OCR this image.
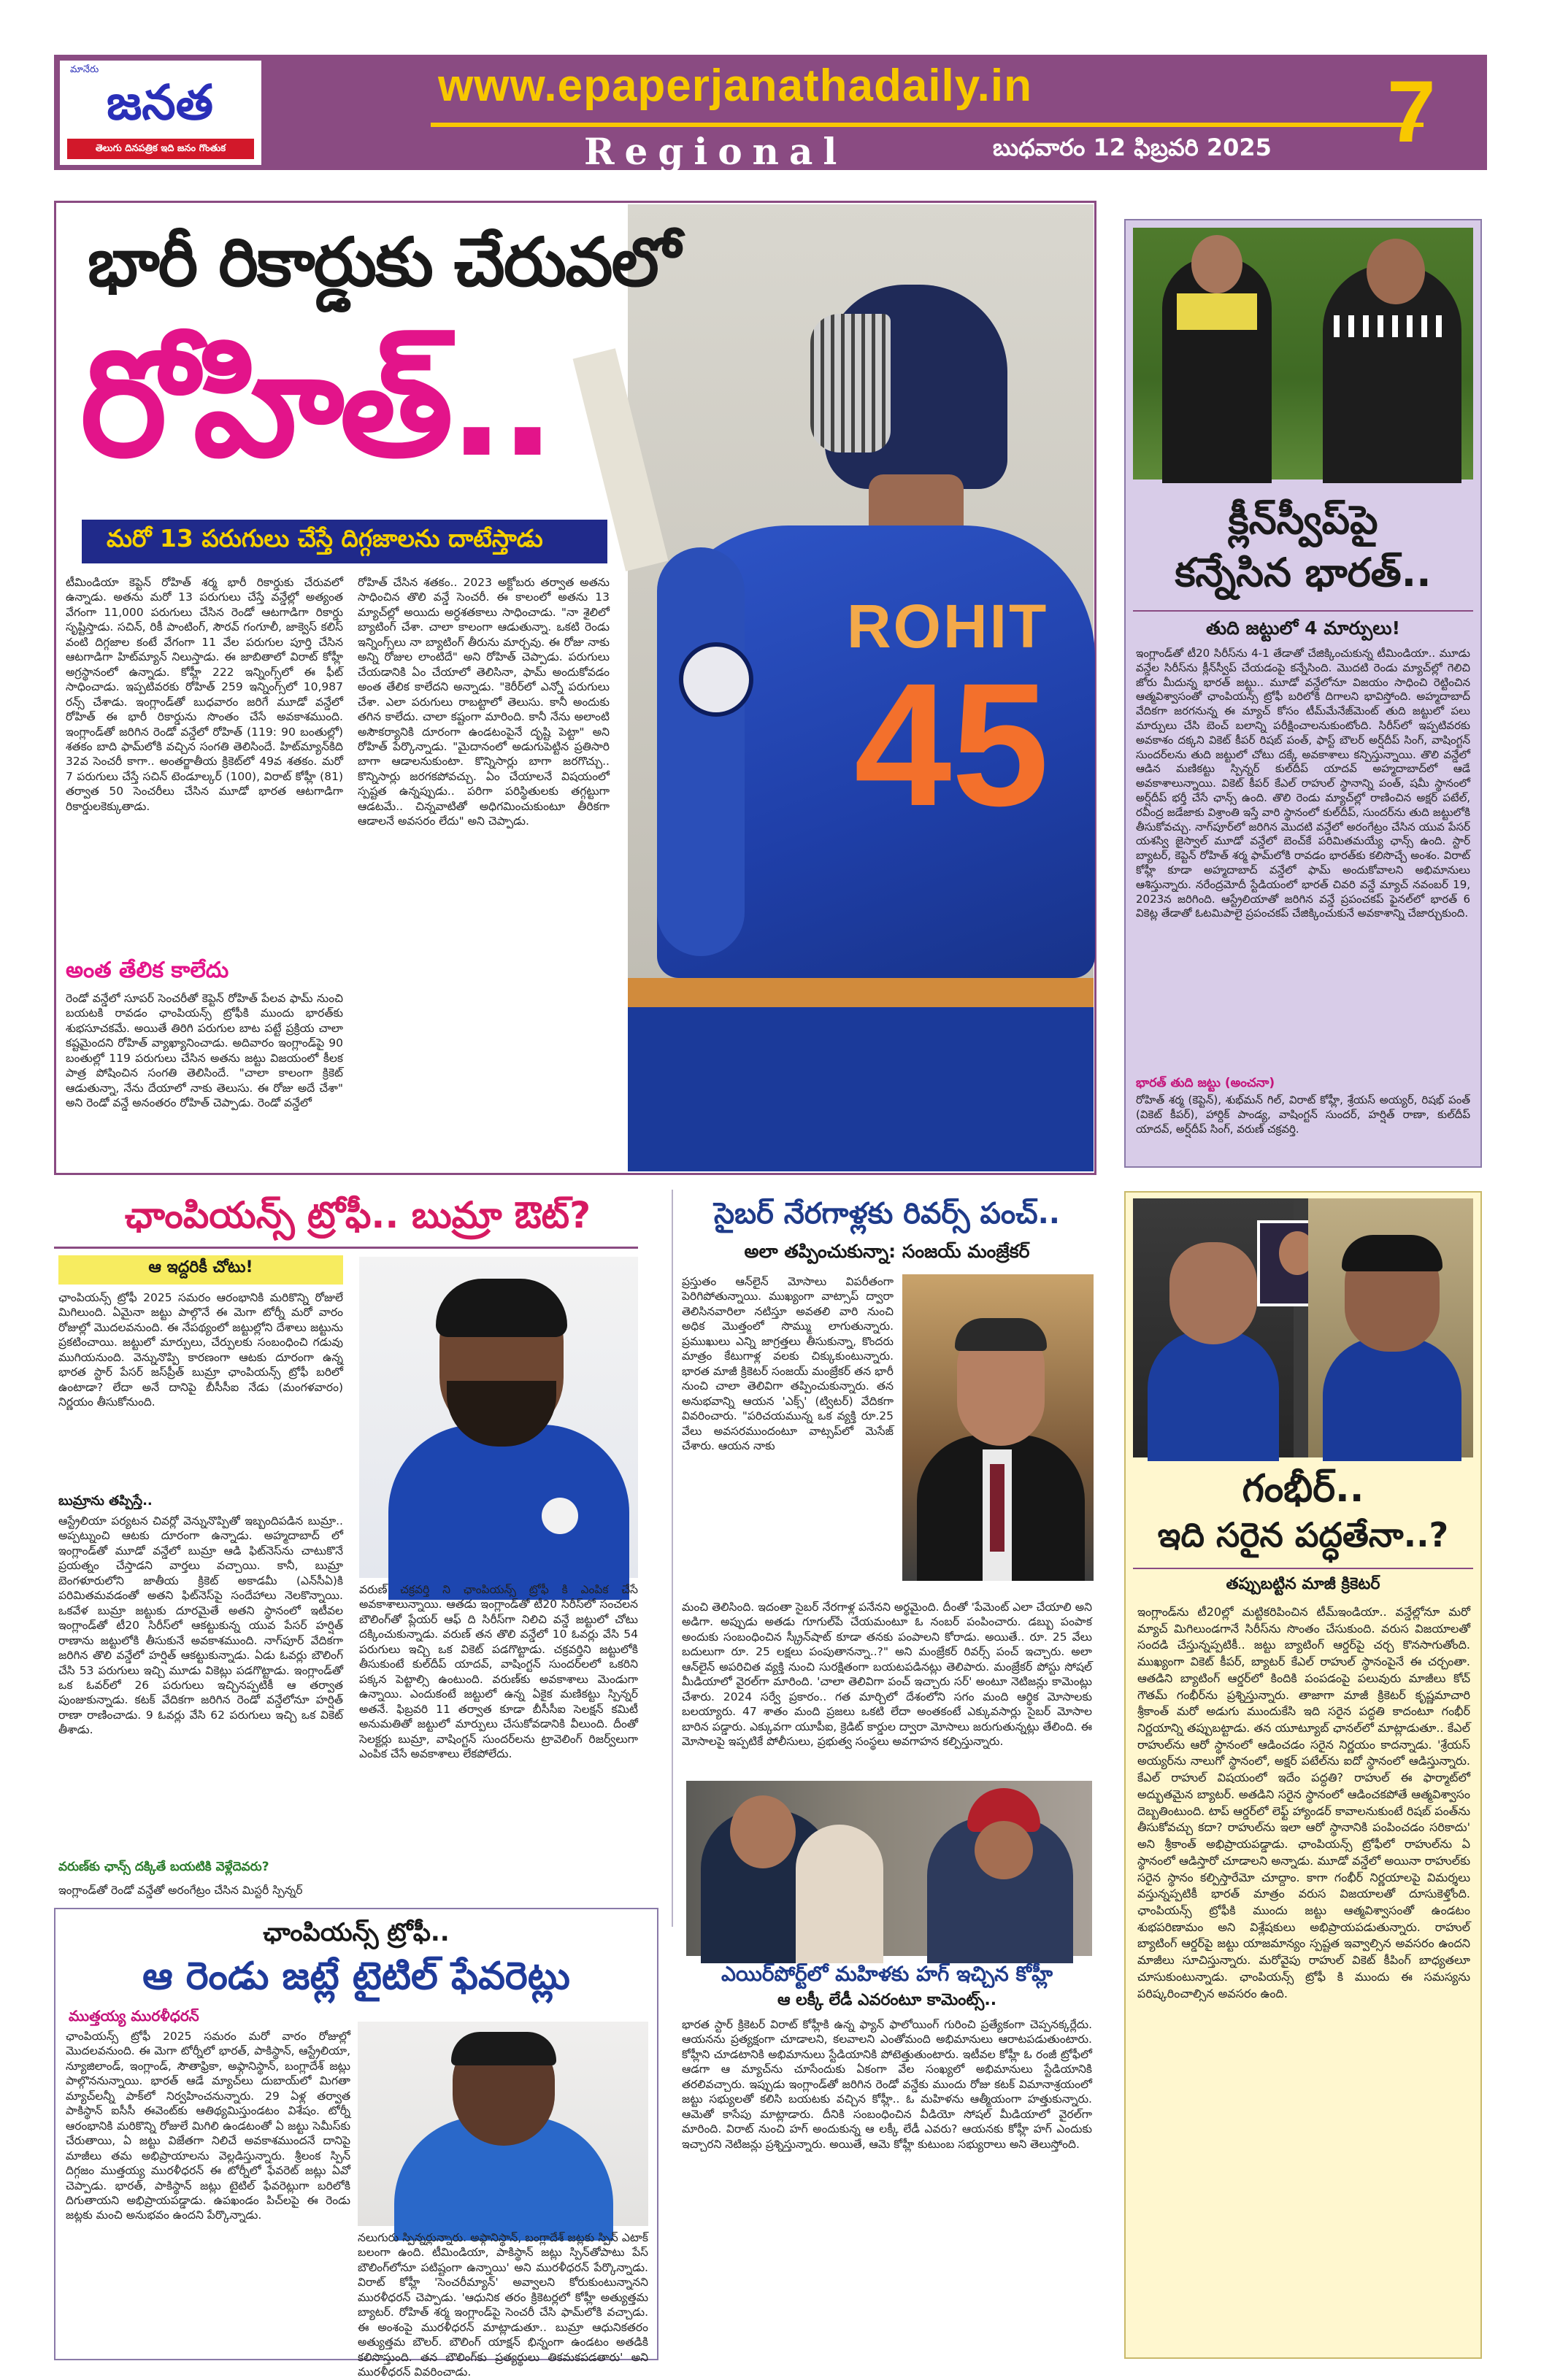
మానేరు
జనత
తెలుగు దినపత్రిక ఇది జనం గొంతుక
www.epaperjanathadaily.in
Regional	బుధవారం 12 ఫిబ్రవరి 2025 7
ROHIT
45
భారీ రికార్డుకు చేరువలో
రోహిత్..
మరో 13 పరుగులు చేస్తే దిగ్గజాలను దాటేస్తాడు
టీమిండియా కెప్టెన్ రోహిత్ శర్మ భారీ రికార్డుకు చేరువలో ఉన్నాడు. అతను మరో 13 పరుగులు చేస్తే వన్డేల్లో అత్యంత వేగంగా 11,000 పరుగులు చేసిన రెండో ఆటగాడిగా రికార్డు సృష్టిస్తాడు. సచిన్, రికీ పాంటింగ్, సౌరవ్ గంగూలీ, జాక్వెస్ కలిస్ వంటి దిగ్గజాల కంటే వేగంగా 11 వేల పరుగుల పూర్తి చేసిన ఆటగాడిగా హిట్‌మ్యాన్ నిలుస్తాడు. ఈ జాబితాలో విరాట్ కోహ్లీ అగ్రస్థానంలో ఉన్నాడు. కోహ్లీ 222 ఇన్నింగ్స్‌లో ఈ ఫీట్ సాధించాడు. ఇప్పటివరకు రోహిత్ 259 ఇన్నింగ్స్‌లో 10,987 రన్స్ చేశాడు. ఇంగ్లాండ్‌తో బుధవారం జరిగే మూడో వన్డేలో రోహిత్ ఈ భారీ రికార్డును సొంతం చేసే అవకాశముంది. ఇంగ్లాండ్‌తో జరిగిన రెండో వన్డేలో రోహిత్ (119: 90 బంతుల్లో) శతకం బాది ఫామ్‌లోకి వచ్చిన సంగతి తెలిసిందే. హిట్‌మ్యాన్‌కిది 32వ సెంచరీ కాగా.. అంతర్జాతీయ క్రికెట్‌లో 49వ శతకం. మరో 7 పరుగులు చేస్తే సచిన్ టెండూల్కర్ (100), విరాట్ కోహ్లీ (81) తర్వాత 50 సెంచరీలు చేసిన మూడో భారత ఆటగాడిగా రికార్డులకెక్కుతాడు.
అంత తేలిక కాలేదు
రెండో వన్డేలో సూపర్ సెంచరీతో కెప్టెన్ రోహిత్ పేలవ ఫామ్ నుంచి బయటకి రావడం ఛాంపియన్స్ ట్రోఫీకి ముందు భారత్‌కు శుభసూచకమే. అయితే తిరిగి పరుగుల బాట పట్టే ప్రక్రియ చాలా కష్టమైందని రోహిత్ వ్యాఖ్యానించాడు. అదివారం ఇంగ్లాండ్‌పై 90 బంతుల్లో 119 పరుగులు చేసిన అతను జట్టు విజయంలో కీలక పాత్ర పోషించిన సంగతి తెలిసిందే. "చాలా కాలంగా క్రికెట్ ఆడుతున్నా, నేను దేయాలో నాకు తెలుసు. ఈ రోజు అదే చేశా" అని రెండో వన్డే అనంతరం రోహిత్ చెప్పాడు. రెండో వన్డేలో
రోహిత్ చేసిన శతకం.. 2023 అక్టోబరు తర్వాత అతను సాధించిన తొలి వన్డే సెంచరీ. ఈ కాలంలో అతను 13 మ్యాచ్‌ల్లో అయిదు అర్ధశతకాలు సాధించాడు. "నా శైలిలో బ్యాటింగ్ చేశా. చాలా కాలంగా ఆడుతున్నా. ఒకటి రెండు ఇన్నింగ్స్‌లు నా బ్యాటింగ్ తీరును మార్చవు. ఈ రోజు నాకు అన్ని రోజుల లాంటిదే" అని రోహిత్ చెప్పాడు. పరుగులు చేయడానికి ఏం చేయాలో తెలిసినా, ఫామ్‌ అందుకోవడం అంత తేలిక కాలేదని అన్నాడు. "కెరీర్‌లో ఎన్నో పరుగులు చేశా. ఎలా పరుగులు రాబట్టాలో తెలుసు. కానీ అందుకు తగిన కాలేదు. చాలా కష్టంగా మారింది. కానీ నేను అలాంటి అసౌకర్యానికి దూరంగా ఉండటంపైనే దృష్టి పెట్టా" అని రోహిత్ పేర్కొన్నాడు. "మైదానంలో అడుగుపెట్టిన ప్రతిసారి బాగా ఆడాలనుకుంటా. కొన్నిసార్లు బాగా జరగొచ్చు.. కొన్నిసార్లు జరగకపోవచ్చు. ఏం చేయాలనే విషయంలో స్పష్టత ఉన్నప్పుడు.. పరిగా పరిస్థితులకు తగ్గట్టుగా ఆడటమే.. చిన్నవాటితో అధిగమించుకుంటూ తీరికగా ఆడాలనే అవసరం లేదు" అని చెప్పాడు.
క్లీన్‌స్వీప్‌పై
కన్నేసిన భారత్..
తుది జట్టులో 4 మార్పులు!
ఇంగ్లాండ్‌తో టీ20 సిరీస్‌ను 4-1 తేడాతో చేజిక్కించుకున్న టీమిండియా.. మూడు వన్డేల సిరీస్‌ను క్లీన్‌స్వీప్ చేయడంపై కన్నేసింది. మొదటి రెండు మ్యాచ్‌ల్లో గెలిచి జోరు మీదున్న భారత్ జట్టు.. మూడో వన్డేలోనూ విజయం సాధించి రెట్టించిన ఆత్మవిశ్వాసంతో ఛాంపియన్స్ ట్రోఫీ బరిలోకి దిగాలని భావిస్తోంది. అహ్మదాబాద్ వేదికగా జరగనున్న ఈ మ్యాచ్ కోసం టీమ్‌మేనేజ్‌మెంట్ తుది జట్టులో పలు మార్పులు చేసి బెంచ్ బలాన్ని పరీక్షించాలనుకుంటోంది. సిరీస్‌లో ఇప్పటివరకు అవకాశం దక్కని వికెట్ కీపర్ రిషబ్ పంత్, ఫాస్ట్ బౌలర్ అర్ష్‌దీప్ సింగ్, వాషింగ్టన్ సుందర్‌లను తుది జట్టులో చోటు దక్కే అవకాశాలు కన్పిస్తున్నాయి. తొలి వన్డేలో ఆడిన మణికట్టు స్పిన్నర్ కుల్‌దీప్ యాదవ్ అహ్మదాబాద్‌లో ఆడే అవకాశాలున్నాయి. వికెట్ కీపర్ కేఎల్ రాహుల్ స్థానాన్ని పంత్, షమీ స్థానంలో అర్ష్‌దీప్ భర్తీ చేసే ఛాన్స్ ఉంది. తొలి రెండు మ్యాచ్‌ల్లో రాణించిన అక్షర్ పటేల్, రవీంద్ర జడేజాకు విశ్రాంతి ఇస్తే వారి స్థానంలో కుల్‌దీప్, సుందర్‌ను తుది జట్టులోకి తీసుకోవచ్చు. నాగ్‌పూర్‌లో జరిగిన మొదటి వన్డేలో అరంగేట్రం చేసిన యువ పేసర్ యశస్వి జైస్వాల్ మూడో వన్డేలో బెంచ్‌కే పరిమితమయ్యే ఛాన్స్ ఉంది. స్టార్ బ్యాటర్, కెప్టెన్ రోహిత్ శర్మ ఫామ్‌లోకి రావడం భారత్‌కు కలిసొచ్చే అంశం. విరాట్ కోహ్లీ కూడా అహ్మదాబాద్ వన్డేలో ఫామ్ అందుకోవాలని అభిమానులు ఆశిస్తున్నారు. నరేంద్రమోదీ స్టేడియంలో భారత్ చివరి వన్డే మ్యాచ్ నవంబర్ 19, 2023న జరిగింది. ఆస్ట్రేలియాతో జరిగిన వన్డే ప్రపంచకప్ ఫైనల్‌లో భారత్ 6 వికెట్ల తేడాతో ఓటమిపాలై ప్రపంచకప్ చేజిక్కించుకునే అవకాశాన్ని చేజార్చుకుంది.
భారత్ తుది జట్టు (అంచనా)
రోహిత్ శర్మ (కెప్టెన్), శుభ్‌మన్ గిల్, విరాట్ కోహ్లీ, శ్రేయస్ అయ్యర్, రిషభ్ పంత్ (వికెట్ కీపర్), హార్దిక్ పాండ్య, వాషింగ్టన్ సుందర్, హర్షిత్ రాణా, కుల్‌దీప్ యాదవ్, అర్ష్‌దీప్ సింగ్, వరుణ్ చక్రవర్తి.
ఛాంపియన్స్ ట్రోఫీ.. బుమ్రా ఔట్?
ఆ ఇద్దరికీ చోటు!
ఛాంపియన్స్ ట్రోఫీ 2025 సమరం ఆరంభానికి మరికొన్ని రోజులే మిగిలుంది. ఏమైనా జట్టు పాల్గొనే ఈ మెగా టోర్నీ మరో వారం రోజుల్లో మొదలవనుంది. ఈ నేపథ్యంలో జట్టుల్లోని దేశాలు జట్టును ప్రకటించాయి. జట్టులో మార్పులు, చేర్పులకు సంబంధించి గడువు ముగియనుంది. వెన్నునొప్పి కారణంగా ఆటకు దూరంగా ఉన్న భారత స్టార్ పేసర్ జస్‌ప్రీత్ బుమ్రా ఛాంపియన్స్ ట్రోఫీ బరిలో ఉంటాడా? లేదా అనే దానిపై బీసీసీఐ నేడు (మంగళవారం) నిర్ణయం తీసుకోనుంది.
బుమ్రాను తప్పిస్తే..
ఆస్ట్రేలియా పర్యటన చివర్లో వెన్నునొప్పితో ఇబ్బందిపడిన బుమ్రా.. అప్పట్నుంచి ఆటకు దూరంగా ఉన్నాడు. అహ్మదాబాద్ లో ఇంగ్లాండ్‌తో మూడో వన్డేలో బుమ్రా ఆడి ఫిట్‌నెస్‌ను చాటుకొనే ప్రయత్నం చేస్తాడని వార్తలు వచ్చాయి. కానీ, బుమ్రా బెంగళూరులోని జాతీయ క్రికెట్ అకాడమీ (ఎన్‌సీఏ)కి పరిమితమవడంతో అతని ఫిట్‌నెస్‌పై సందేహాలు నెలకొన్నాయి. ఒకవేళ బుమ్రా జట్టుకు దూరమైతే అతని స్థానంలో ఇటీవల ఇంగ్లాండ్‌తో టీ20 సిరీస్‌లో ఆకట్టుకున్న యువ పేసర్ హర్షిత్ రాణాను జట్టులోకి తీసుకునే అవకాశముంది. నాగ్‌పూర్ వేదికగా జరిగిన తొలి వన్డేలో హర్షిత్ ఆకట్టుకున్నాడు. ఏడు ఓవర్లు బౌలింగ్ చేసి 53 పరుగులు ఇచ్చి మూడు వికెట్లు పడగొట్టాడు. ఇంగ్లాండ్‌తో ఒక ఓవర్‌లో 26 పరుగులు ఇచ్చినప్పటికీ ఆ తర్వాత పుంజుకున్నాడు. కటక్ వేదికగా జరిగిన రెండో వన్డేలోనూ హర్షిత్ రాణా రాణించాడు. 9 ఓవర్లు వేసి 62 పరుగులు ఇచ్చి ఒక వికెట్ తీశాడు.
వరుణ్‌కు ఛాన్స్ దక్కితే బయటికి వెళ్లేదెవరు?
ఇంగ్లాండ్‌తో రెండో వన్డేతో అరంగేట్రం చేసిన మిస్టరీ స్పిన్నర్
వరుణ్ చక్రవర్తి ని ఛాంపియన్స్ ట్రోఫీ కి ఎంపిక చేసే అవకాశాలున్నాయి. ఆతడు ఇంగ్లాండ్‌తో టీ20 సిరీస్‌లో సంచలన బౌలింగ్‌తో ప్లేయర్ ఆఫ్ ది సిరీస్‌గా నిలిచి వన్డే జట్టులో చోటు దక్కించుకున్నాడు. వరుణ్ తన తొలి వన్డేలో 10 ఓవర్లు వేసి 54 పరుగులు ఇచ్చి ఒక వికెట్ పడగొట్టాడు. చక్రవర్తిని జట్టులోకి తీసుకుంటే కుల్‌దీప్ యాదవ్, వాషింగ్టన్ సుందర్‌లలో ఒకరిని పక్కన పెట్టాల్సి ఉంటుంది. వరుణ్‌కు అవకాశాలు మెండుగా ఉన్నాయి. ఎందుకంటే జట్టులో ఉన్న ఏకైక మణికట్టు స్పిన్నర్ అతనే. ఫిబ్రవరి 11 తర్వాత కూడా బీసీసీఐ సెలక్షన్ కమిటీ అనుమతితో జట్టులో మార్పులు చేసుకోవడానికి వీలుంది. దీంతో సెలక్టర్లు బుమ్రా, వాషింగ్టన్ సుందర్‌లను ట్రావెలింగ్ రిజర్వ్‌లుగా ఎంపిక చేసే అవకాశాలు లేకపోలేదు.
సైబర్ నేరగాళ్లకు రివర్స్ పంచ్..
అలా తప్పించుకున్నా: సంజయ్ మంజ్రేకర్
ప్రస్తుతం ఆన్‌లైన్ మోసాలు విపరీతంగా పెరిగిపోతున్నాయి. ముఖ్యంగా వాట్సాప్ ద్వారా తెలిసినవారిలా నటిస్తూ అవతలి వారి నుంచి అధిక మొత్తంలో సొమ్ము లాగుతున్నారు. ప్రముఖులు ఎన్ని జాగ్రత్తలు తీసుకున్నా, కొందరు మాత్రం కేటుగాళ్ల వలకు చిక్కుకుంటున్నారు. భారత మాజీ క్రికెటర్ సంజయ్ మంజ్రేకర్ తన భారీ నుంచి చాలా తెలివిగా తప్పించుకున్నారు. తన అనుభవాన్ని ఆయన 'ఎక్స్' (ట్విటర్) వేదికగా వివరించారు. "పరిచయమున్న ఒక వ్యక్తి రూ.25 వేలు అవసరముందంటూ వాట్సప్‌లో మెసేజ్ చేశారు. ఆయన నాకు
మంచి తెలిసింది. ఇదంతా సైబర్ నేరగాళ్ల పనేనని అర్థమైంది. దీంతో 'పేమెంట్ ఎలా చేయాలి అని అడిగా. అప్పుడు అతడు గూగుల్‌పే చేయమంటూ ఓ నంబర్ పంపించారు. డబ్బు పంపాక అందుకు సంబంధించిన స్క్రీన్‌షాట్ కూడా తనకు పంపాలని కోరాడు. అయితే.. రూ. 25 వేలు బదులుగా రూ. 25 లక్షలు పంపుతానన్నా..?" అని మంజ్రేకర్ రివర్స్ పంచ్ ఇచ్చారు. అలా ఆన్‌లైన్ అపరిచిత వ్యక్తి నుంచి సురక్షితంగా బయటపడినట్లు తెలిపారు. మంజ్రేకర్ పోస్టు సోషల్ మీడియాలో వైరల్‌గా మారింది. 'చాలా తెలివిగా పంచ్ ఇచ్చారు సర్' అంటూ నెటిజన్లు కామెంట్లు చేశారు. 2024 సర్వే ప్రకారం.. గత మార్చిలో దేశంలోని సగం మంది ఆర్థిక మోసాలకు బలయ్యారు. 47 శాతం మంది ప్రజలు ఒకటి లేదా అంతకంటే ఎక్కువసార్లు సైబర్ మోసాల బారిన పడ్డారు. ఎక్కువగా యూపీఐ, క్రెడిట్ కార్డుల ద్వారా మోసాలు జరుగుతున్నట్లు తేలింది. ఈ మోసాలపై ఇప్పటికే పోలీసులు, ప్రభుత్వ సంస్థలు అవగాహన కల్పిస్తున్నారు.
ఎయిర్‌పోర్ట్‌లో మహిళకు హగ్ ఇచ్చిన కోహ్లీ
ఆ లక్కీ లేడీ ఎవరంటూ కామెంట్స్..
భారత స్టార్ క్రికెటర్ విరాట్ కోహ్లీకి ఉన్న ఫ్యాన్ ఫాలోయింగ్ గురించి ప్రత్యేకంగా చెప్పనక్కర్లేదు. ఆయనను ప్రత్యక్షంగా చూడాలని, కలవాలని ఎంతోమంది అభిమానులు ఆరాటపడుతుంటారు. కోహ్లీని చూడటానికి అభిమానులు స్టేడియానికి పోటెత్తుతుంటారు. ఇటీవల కోహ్లీ ఓ రంజీ ట్రోఫీలో ఆడగా ఆ మ్యాచ్‌ను చూసేందుకు ఏకంగా వేల సంఖ్యలో అభిమానులు స్టేడియానికి తరలివచ్చారు. ఇప్పుడు ఇంగ్లాండ్‌తో జరిగిన రెండో వన్డేకు ముందు రోజు కటక్ విమానాశ్రయంలో జట్టు సభ్యులతో కలిసి బయటకు వచ్చిన కోహ్లీ.. ఓ మహిళను ఆత్మీయంగా హత్తుకున్నారు. ఆమెతో కాసేపు మాట్లాడారు. దీనికి సంబంధించిన వీడియో సోషల్ మీడియాలో వైరల్‌గా మారింది. విరాట్ నుంచి హగ్ అందుకున్న ఆ లక్కీ లేడీ ఎవరు? ఆయనకు కోహ్లీ హగ్ ఎందుకు ఇచ్చారని నెటిజన్లు ప్రశ్నిస్తున్నారు. అయితే, ఆమె కోహ్లీ కుటుంబ సభ్యురాలు అని తెలుస్తోంది.
ఛాంపియన్స్ ట్రోఫీ..
ఆ రెండు జట్లే టైటిల్ ఫేవరెట్లు
ముత్తయ్య మురళీధరన్
ఛాంపియన్స్ ట్రోఫీ 2025 సమరం మరో వారం రోజుల్లో మొదలవనుంది. ఈ మెగా టోర్నీలో భారత్, పాకిస్థాన్, ఆస్ట్రేలియా, న్యూజిలాండ్, ఇంగ్లాండ్, సౌతాఫ్రికా, అఫ్గానిస్థాన్, బంగ్లాదేశ్ జట్లు పాల్గొననున్నాయి. భారత్ ఆడే మ్యాచ్‌లు దుబాయ్‌లో మిగతా మ్యాచ్‌లన్నీ పాక్‌లో నిర్వహించనున్నారు. 29 ఏళ్ల తర్వాత పాకిస్థాన్ ఐసీసీ ఈవెంట్‌కు ఆతిథ్యమిస్తుండటం విశేషం. టోర్నీ ఆరంభానికి మరికొన్ని రోజులే మిగిలి ఉండటంతో ఏ జట్టు సెమీస్‌కు చేరుతాయి, ఏ జట్టు విజేతగా నిలిచే అవకాశముందనే దానిపై మాజీలు తమ అభిప్రాయాలను వెల్లడిస్తున్నారు. శ్రీలంక స్పిన్ దిగ్గజం ముత్తయ్య మురళీధరన్ ఈ టోర్నీలో ఫేవరెట్ జట్లు ఏవో చెప్పాడు. భారత్, పాకిస్థాన్ జట్లు టైటిల్ ఫేవరెట్లుగా బరిలోకి దిగుతాయని అభిప్రాయపడ్డాడు. ఉపఖండం పిచ్‌లపై ఈ రెండు జట్లకు మంచి అనుభవం ఉందని పేర్కొన్నాడు.
నలుగురు స్పిన్నర్లున్నారు. అఫ్గానిస్థాన్, బంగ్లాదేశ్ జట్లకు స్పిన్ ఎటాక్ బలంగా ఉంది. టీమిండియా, పాకిస్థాన్ జట్లు స్పిన్‌తోపాటు పేస్ బౌలింగ్‌లోనూ పటిష్టంగా ఉన్నాయి' అని మురళీధరన్ పేర్కొన్నాడు. విరాట్ కోహ్లీ 'సెంచరీమ్యాన్' అవ్వాలని కోరుకుంటున్నానని మురళీధరన్ చెప్పాడు. 'ఆధునిక తరం క్రికెటర్లలో కోహ్లీ అత్యుత్తమ బ్యాటర్. రోహిత్ శర్మ ఇంగ్లాండ్‌పై సెంచరీ చేసి ఫామ్‌లోకి వచ్చాడు. ఈ అంశంపై మురళీధరన్ మాట్లాడుతూ.. బుమ్రా ఆధునికతరం అత్యుత్తమ బౌలర్. బౌలింగ్ యాక్షన్ భిన్నంగా ఉండటం అతడికి కలిసొస్తుంది. తన బౌలింగ్‌కు ప్రత్యర్థులు తికమకపడతారు' అని మురళీధరన్ వివరించాడు.
గంభీర్..
ఇది సరైన పద్ధతేనా..?
తప్పుబట్టిన మాజీ క్రికెటర్
ఇంగ్లాండ్‌ను టీ20ల్లో మట్టికరిపించిన టీమ్‌ఇండియా.. వన్డేల్లోనూ మరో మ్యాచ్ మిగిలుండగానే సిరీస్‌ను సొంతం చేసుకుంది. వరుస విజయాలతో సందడి చేస్తున్నప్పటికీ.. జట్టు బ్యాటింగ్ ఆర్డర్‌పై చర్చ కొనసాగుతోంది. ముఖ్యంగా వికెట్ కీపర్, బ్యాటర్ కేఎల్ రాహుల్ స్థానంపైనే ఈ చర్చంతా. ఆతడిని బ్యాటింగ్ ఆర్డర్‌లో కిందికి పంపడంపై పలువురు మాజీలు కోచ్ గౌతమ్ గంభీర్‌ను ప్రశ్నిస్తున్నారు. తాజాగా మాజీ క్రికెటర్ కృష్ణమాచారి శ్రీకాంత్ మరో అడుగు ముందుకేసి ఇది సరైన పద్ధతి కాదంటూ గంభీర్ నిర్ణయాన్ని తప్పుబట్టాడు. తన యూట్యూబ్ ఛానల్‌లో మాట్లాడుతూ.. కేఎల్ రాహుల్‌ను ఆరో స్థానంలో ఆడించడం సరైన నిర్ణయం కాదన్నాడు. 'శ్రేయస్ అయ్యర్‌ను నాలుగో స్థానంలో, అక్షర్ పటేల్‌ను ఐదో స్థానంలో ఆడిస్తున్నారు. కేఎల్ రాహుల్ విషయంలో ఇదేం పద్ధతి? రాహుల్ ఈ ఫార్మాట్‌లో అద్భుతమైన బ్యాటర్. అతడిని సరైన స్థానంలో ఆడించకపోతే ఆత్మవిశ్వాసం దెబ్బతింటుంది. టాప్ ఆర్డర్‌లో లెఫ్ట్ హ్యాండర్ కావాలనుకుంటే రిషబ్ పంత్‌ను తీసుకోవచ్చు కదా? రాహుల్‌ను ఇలా ఆరో స్థానానికి పంపించడం సరికాదు' అని శ్రీకాంత్ అభిప్రాయపడ్డాడు. ఛాంపియన్స్ ట్రోఫీలో రాహుల్‌ను ఏ స్థానంలో ఆడిస్తారో చూడాలని అన్నాడు. మూడో వన్డేలో అయినా రాహుల్‌కు సరైన స్థానం కల్పిస్తారేమో చూద్దాం. కాగా గంభీర్ నిర్ణయాలపై విమర్శలు వస్తున్నప్పటికీ భారత్ మాత్రం వరుస విజయాలతో దూసుకెళ్తోంది. ఛాంపియన్స్ ట్రోఫీకి ముందు జట్టు ఆత్మవిశ్వాసంతో ఉండటం శుభపరిణామం అని విశ్లేషకులు అభిప్రాయపడుతున్నారు. రాహుల్ బ్యాటింగ్ ఆర్డర్‌పై జట్టు యాజమాన్యం స్పష్టత ఇవ్వాల్సిన అవసరం ఉందని మాజీలు సూచిస్తున్నారు. మరోవైపు రాహుల్ వికెట్ కీపింగ్ బాధ్యతలూ చూసుకుంటున్నాడు. ఛాంపియన్స్ ట్రోఫీ కి ముందు ఈ సమస్యను పరిష్కరించాల్సిన అవసరం ఉంది.
